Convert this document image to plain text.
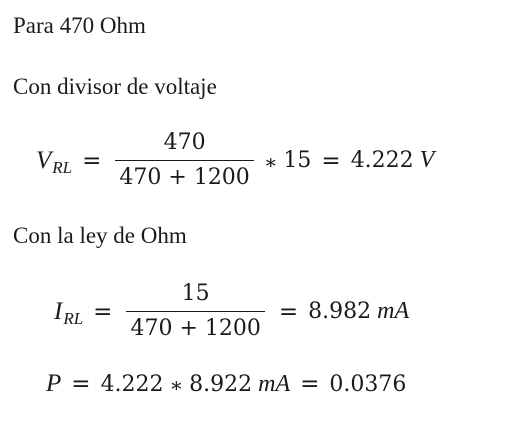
Para 470 Ohm
Con divisor de voltaje
V RL = $\frac{470}{470 + 1200}$ ∗ 15 = 4.222 V
Con la ley de Ohm
I RL = $\frac{15}{470 + 1200} = 8.982$ mA
P = 4.222 ∗ 8.922 mA = 0.0376
